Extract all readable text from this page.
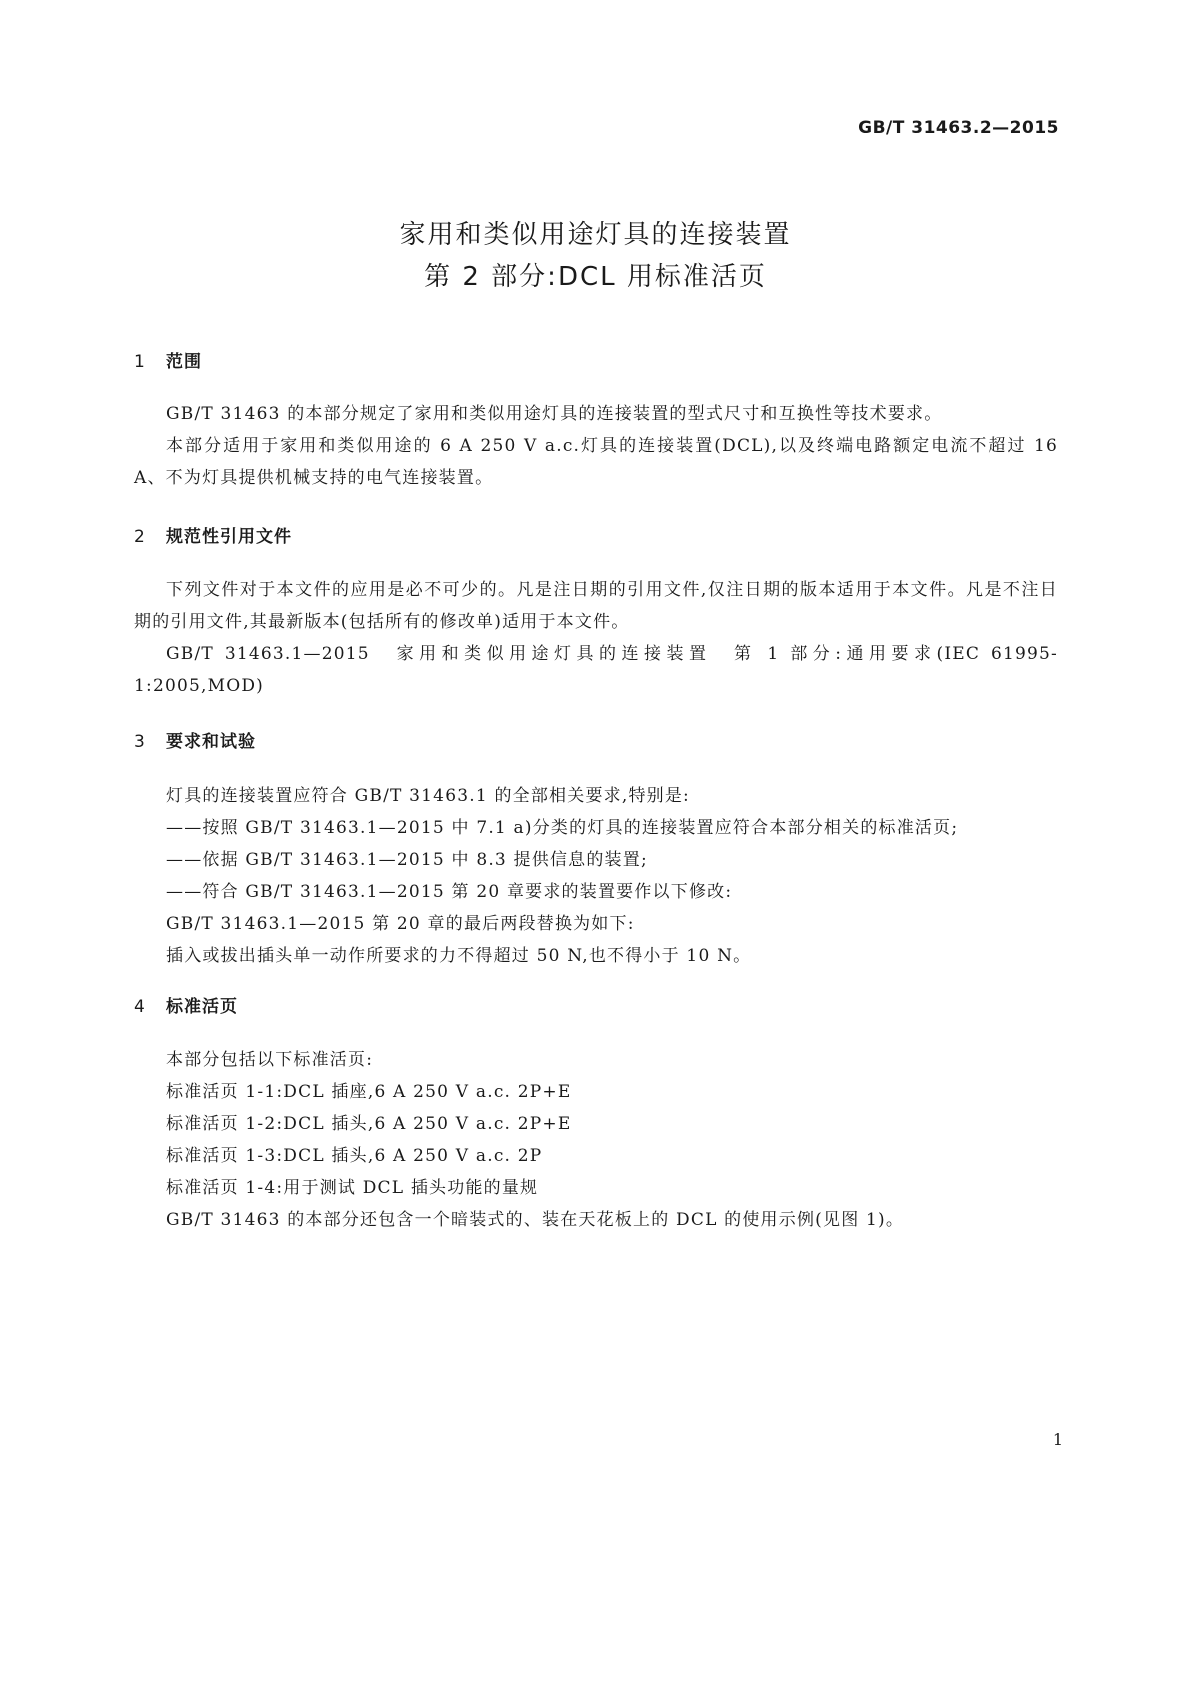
GB/T 31463.2—2015
家用和类似用途灯具的连接装置
第 2 部分:DCL 用标准活页
1 范围

GB/T 31463 的本部分规定了家用和类似用途灯具的连接装置的型式尺寸和互换性等技术要求。

本部分适用于家用和类似用途的 6 A 250 V a.c.灯具的连接装置(DCL),以及终端电路额定电流不超过 16 A、不为灯具提供机械支持的电气连接装置。

2 规范性引用文件

下列文件对于本文件的应用是必不可少的。凡是注日期的引用文件,仅注日期的版本适用于本文件。凡是不注日期的引用文件,其最新版本(包括所有的修改单)适用于本文件。

GB/T 31463.1—2015　家用和类似用途灯具的连接装置　第 1 部分:通用要求(IEC 61995-1:2005,MOD)

3 要求和试验

灯具的连接装置应符合 GB/T 31463.1 的全部相关要求,特别是:

——按照 GB/T 31463.1—2015 中 7.1 a)分类的灯具的连接装置应符合本部分相关的标准活页;

——依据 GB/T 31463.1—2015 中 8.3 提供信息的装置;

——符合 GB/T 31463.1—2015 第 20 章要求的装置要作以下修改:

GB/T 31463.1—2015 第 20 章的最后两段替换为如下:

插入或拔出插头单一动作所要求的力不得超过 50 N,也不得小于 10 N。

4 标准活页

本部分包括以下标准活页:

标准活页 1-1:DCL 插座,6 A 250 V a.c. 2P+E

标准活页 1-2:DCL 插头,6 A 250 V a.c. 2P+E

标准活页 1-3:DCL 插头,6 A 250 V a.c. 2P

标准活页 1-4:用于测试 DCL 插头功能的量规

GB/T 31463 的本部分还包含一个暗装式的、装在天花板上的 DCL 的使用示例(见图 1)。

1
